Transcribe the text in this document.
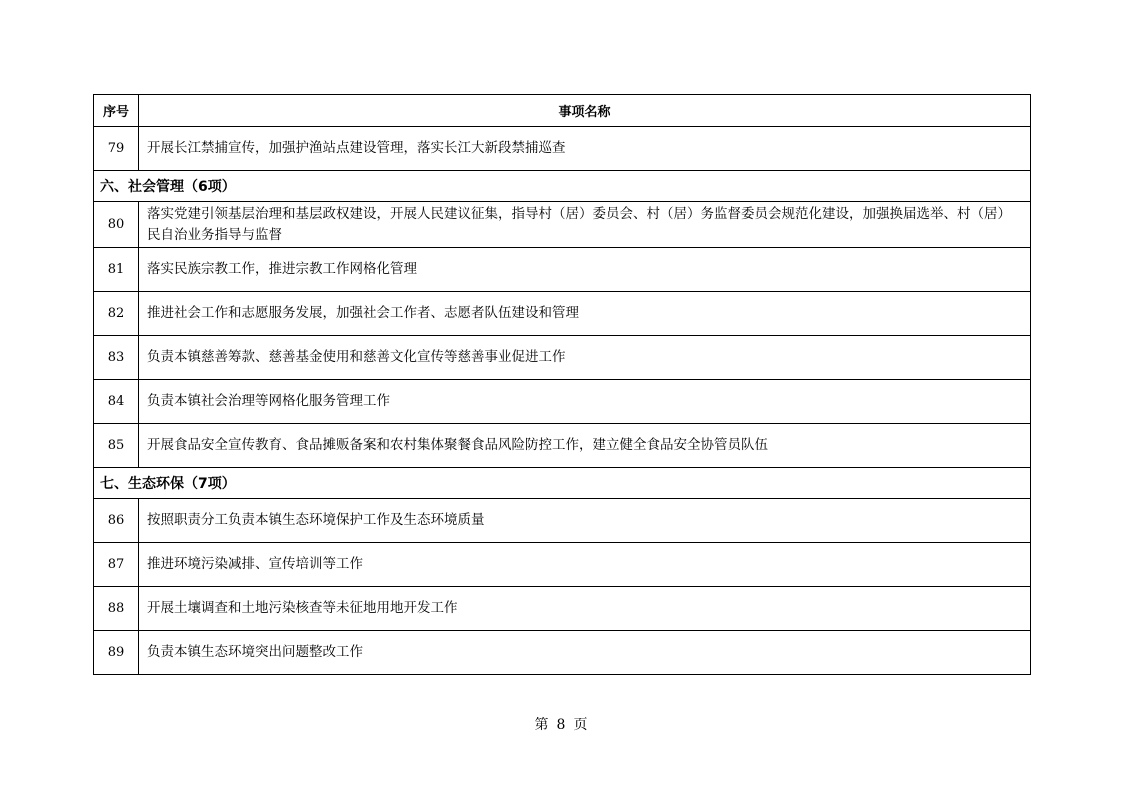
序号	事项名称
79	开展长江禁捕宣传，加强护渔站点建设管理，落实长江大新段禁捕巡查
六、社会管理（6项）	
80	落实党建引领基层治理和基层政权建设，开展人民建议征集，指导村（居）委员会、村（居）务监督委员会规范化建设，加强换届选举、村（居）民自治业务指导与监督
81	落实民族宗教工作，推进宗教工作网格化管理
82	推进社会工作和志愿服务发展，加强社会工作者、志愿者队伍建设和管理
83	负责本镇慈善筹款、慈善基金使用和慈善文化宣传等慈善事业促进工作
84	负责本镇社会治理等网格化服务管理工作
85	开展食品安全宣传教育、食品摊贩备案和农村集体聚餐食品风险防控工作，建立健全食品安全协管员队伍
七、生态环保（7项）	
86	按照职责分工负责本镇生态环境保护工作及生态环境质量
87	推进环境污染减排、宣传培训等工作
88	开展土壤调查和土地污染核查等未征地用地开发工作
89	负责本镇生态环境突出问题整改工作
第 8 页
